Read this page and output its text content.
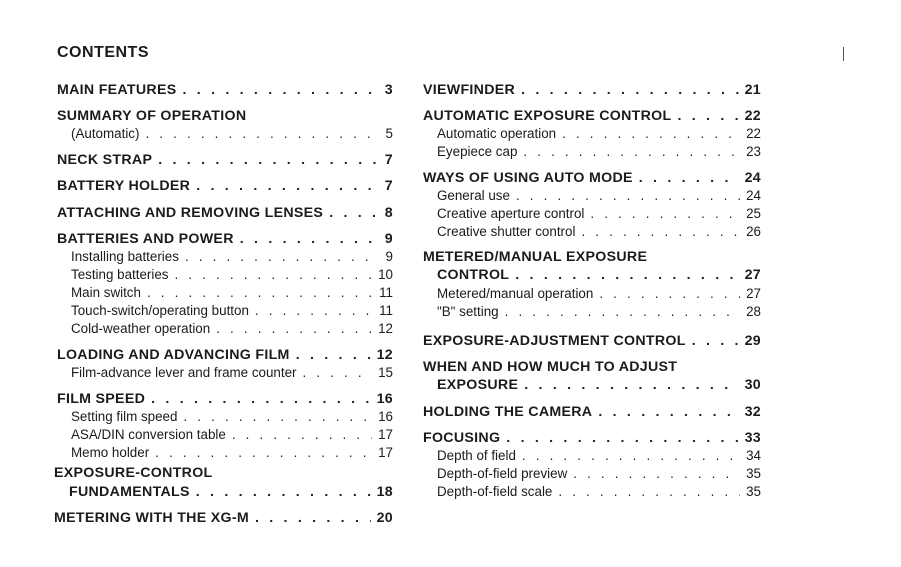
CONTENTS
MAIN FEATURES . . .	3
SUMMARY OF OPERATION
(Automatic) . . .	5
NECK STRAP . . .	7
BATTERY HOLDER . . .	7
ATTACHING AND REMOVING LENSES . . .	8
BATTERIES AND POWER . . .	9
Installing batteries . . .	9
Testing batteries . . .	10
Main switch . . .	11
Touch-switch/operating button . . .	11
Cold-weather operation . . .	12
LOADING AND ADVANCING FILM . . .	12
Film-advance lever and frame counter . . .	15
FILM SPEED . . .	16
Setting film speed . . .	16
ASA/DIN conversion table . . .	17
Memo holder . . .	17
EXPOSURE-CONTROL
FUNDAMENTALS . . .	18
METERING WITH THE XG-M . . .	20
VIEWFINDER . . .	21
AUTOMATIC EXPOSURE CONTROL . . .	22
Automatic operation . . .	22
Eyepiece cap . . .	23
WAYS OF USING AUTO MODE . . .	24
General use . . .	24
Creative aperture control . . .	25
Creative shutter control . . .	26
METERED/MANUAL EXPOSURE
CONTROL . . .	27
Metered/manual operation . . .	27
"B" setting . . .	28
EXPOSURE-ADJUSTMENT CONTROL . . .	29
WHEN AND HOW MUCH TO ADJUST
EXPOSURE . . .	30
HOLDING THE CAMERA . . .	32
FOCUSING . . .	33
Depth of field . . .	34
Depth-of-field preview . . .	35
Depth-of-field scale . . .	35
